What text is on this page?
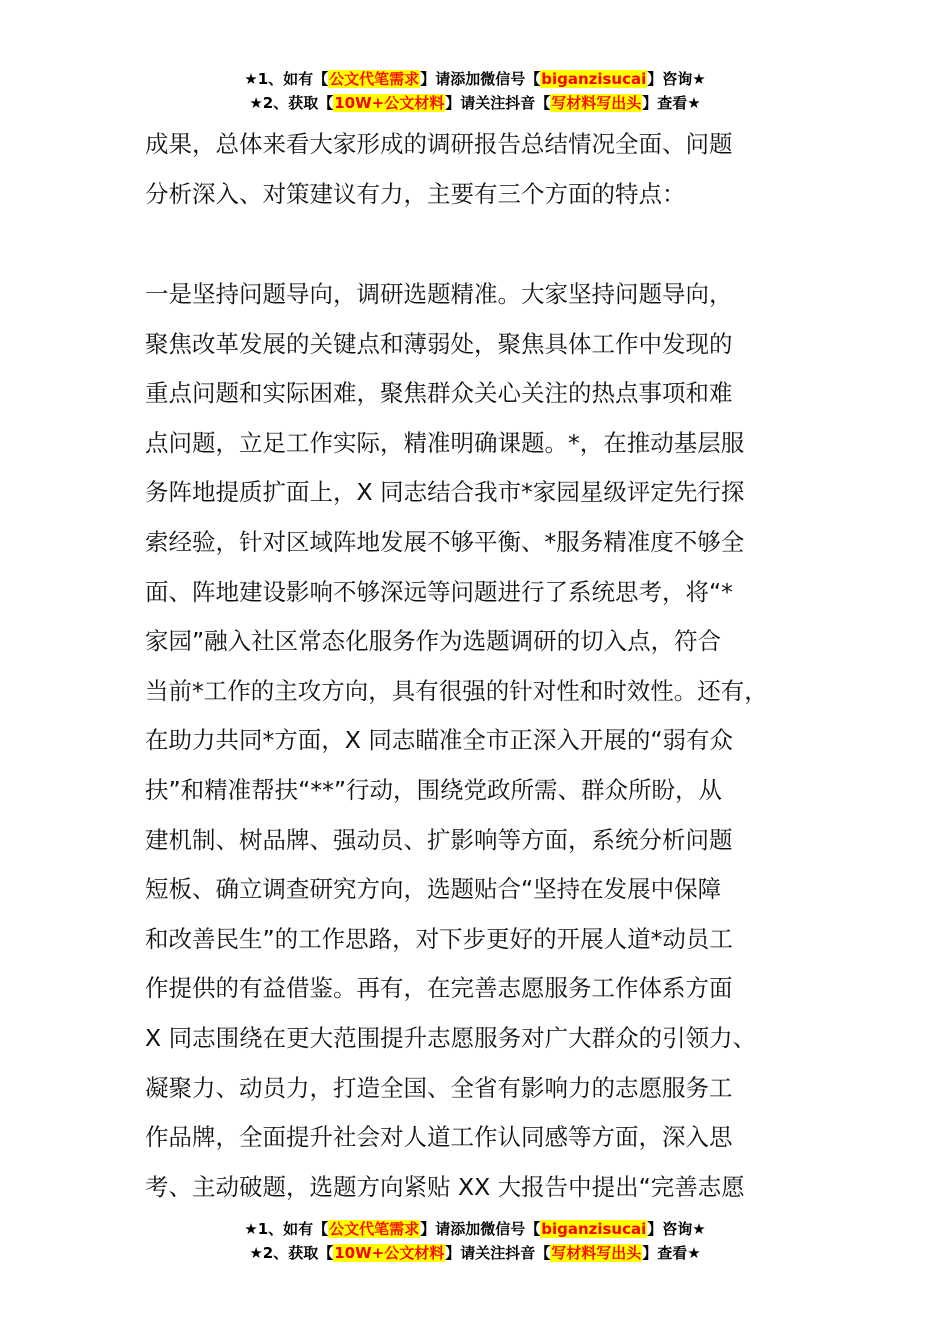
★1、如有【公文代笔需求】请添加微信号【biganzisucai】咨询★
★2、获取【10W+公文材料】请关注抖音【写材料写出头】查看★
成果，总体来看大家形成的调研报告总结情况全面、问题
分析深入、对策建议有力，主要有三个方面的特点：
一是坚持问题导向，调研选题精准。大家坚持问题导向，
聚焦改革发展的关键点和薄弱处，聚焦具体工作中发现的
重点问题和实际困难，聚焦群众关心关注的热点事项和难
点问题，立足工作实际，精准明确课题。*，在推动基层服
务阵地提质扩面上，X 同志结合我市*家园星级评定先行探
索经验，针对区域阵地发展不够平衡、*服务精准度不够全
面、阵地建设影响不够深远等问题进行了系统思考，将“*
家园”融入社区常态化服务作为选题调研的切入点，符合
当前*工作的主攻方向，具有很强的针对性和时效性。还有，
在助力共同*方面，X 同志瞄准全市正深入开展的“弱有众
扶”和精准帮扶“**”行动，围绕党政所需、群众所盼，从
建机制、树品牌、强动员、扩影响等方面，系统分析问题
短板、确立调查研究方向，选题贴合“坚持在发展中保障
和改善民生”的工作思路，对下步更好的开展人道*动员工
作提供的有益借鉴。再有，在完善志愿服务工作体系方面
X 同志围绕在更大范围提升志愿服务对广大群众的引领力、
凝聚力、动员力，打造全国、全省有影响力的志愿服务工
作品牌，全面提升社会对人道工作认同感等方面，深入思
考、主动破题，选题方向紧贴 XX 大报告中提出“完善志愿
★1、如有【公文代笔需求】请添加微信号【biganzisucai】咨询★
★2、获取【10W+公文材料】请关注抖音【写材料写出头】查看★
